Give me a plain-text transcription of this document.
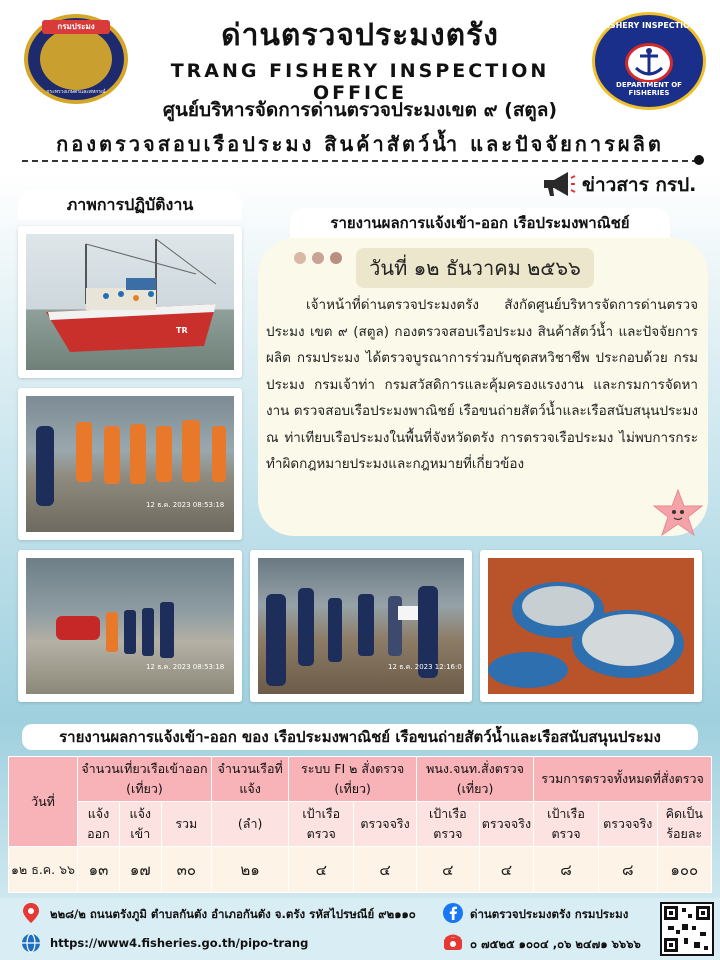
กรมประมง
กระทรวงเกษตรและสหกรณ์
ด่านตรวจประมงตรัง
TRANG FISHERY INSPECTION OFFICE
ศูนย์บริหารจัดการด่านตรวจประมงเขต ๙ (สตูล)
กองตรวจสอบเรือประมง สินค้าสัตว์น้ำ และปัจจัยการผลิต
FISHERY INSPECTION
DEPARTMENT OF FISHERIES
ข่าวสาร กรป.
ภาพการปฏิบัติงาน
TR
12 ธ.ค. 2023 08:53:18
12 ธ.ค. 2023 08:53:18	12 ธ.ค. 2023 12:16:0
รายงานผลการแจ้งเข้า-ออก เรือประมงพาณิชย์
วันที่ ๑๒ ธันวาคม ๒๕๖๖
เจ้าหน้าที่ด่านตรวจประมงตรัง สังกัดศูนย์บริหารจัดการด่านตรวจประมง เขต ๙ (สตูล) กองตรวจสอบเรือประมง สินค้าสัตว์น้ำ และปัจจัยการผลิต กรมประมง ได้ตรวจบูรณาการร่วมกับชุดสหวิชาชีพ ประกอบด้วย กรมประมง กรมเจ้าท่า กรมสวัสดิการและคุ้มครองแรงงาน และกรมการจัดหางาน ตรวจสอบเรือประมงพาณิชย์ เรือขนถ่ายสัตว์น้ำและเรือสนับสนุนประมง ณ ท่าเทียบเรือประมงในพื้นที่จังหวัดตรัง การตรวจเรือประมง ไม่พบการกระทำผิดกฎหมายประมงและกฎหมายที่เกี่ยวข้อง
รายงานผลการแจ้งเข้า-ออก ของ เรือประมงพาณิชย์ เรือขนถ่ายสัตว์น้ำและเรือสนับสนุนประมง
วันที่	จำนวนเที่ยวเรือเข้าออก (เที่ยว)			จำนวนเรือที่แจ้ง	ระบบ FI ๒ สั่งตรวจ (เที่ยว)		พนง.จนท.สั่งตรวจ (เที่ยว)		รวมการตรวจทั้งหมดที่สั่งตรวจ		
	แจ้งออก	แจ้งเข้า	รวม	(ลำ)	เป้าเรือตรวจ	ตรวจจริง	เป้าเรือตรวจ	ตรวจจริง	เป้าเรือตรวจ	ตรวจจริง	คิดเป็นร้อยละ
๑๒ ธ.ค. ๖๖	๑๓	๑๗	๓๐	๒๑	๔	๔	๔	๔	๘	๘	๑๐๐
๒๒๘/๒ ถนนตรังภูมิ ตำบลกันตัง อำเภอกันตัง จ.ตรัง รหัสไปรษณีย์ ๙๒๑๑๐
https://www4.fisheries.go.th/pipo-trang
ด่านตรวจประมงตรัง กรมประมง
๐ ๗๕๒๕ ๑๐๐๔ ,๐๖ ๒๔๗๑ ๖๖๖๖
